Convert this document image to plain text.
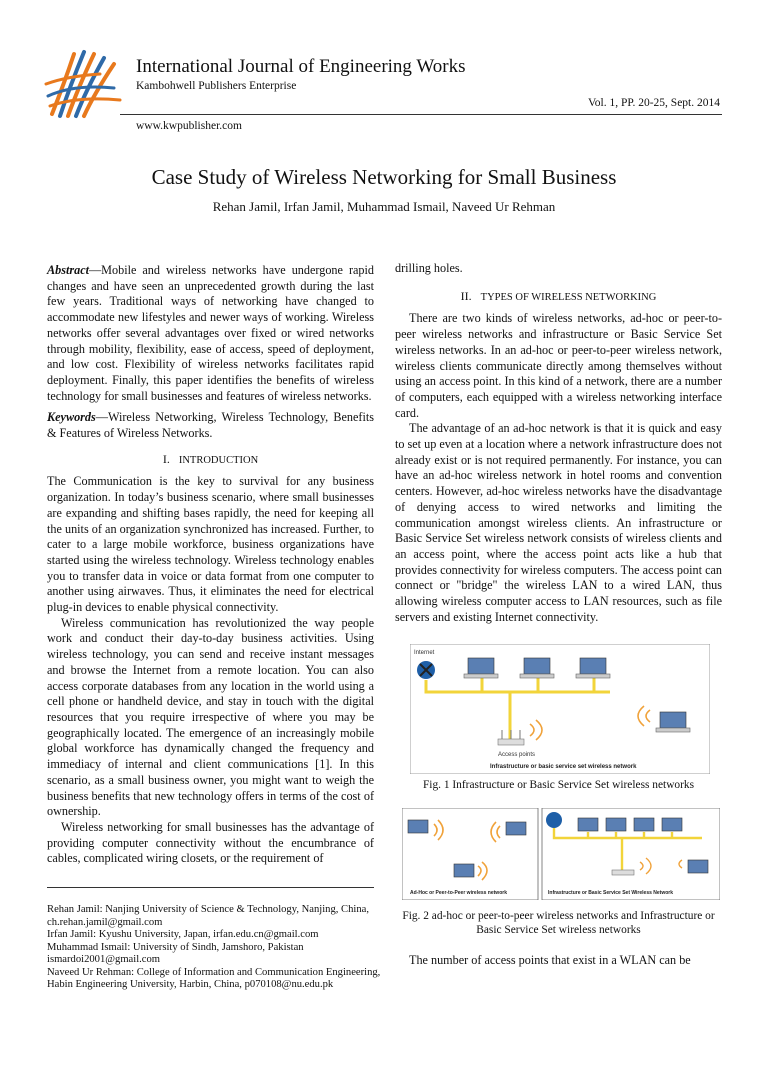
International Journal of Engineering Works
Kambohwell Publishers Enterprise
Vol. 1, PP. 20-25, Sept. 2014
www.kwpublisher.com
Case Study of Wireless Networking for Small Business
Rehan Jamil, Irfan Jamil, Muhammad Ismail, Naveed Ur Rehman

Abstract—Mobile and wireless networks have undergone rapid changes and have seen an unprecedented growth during the last few years. Traditional ways of networking have changed to accommodate new lifestyles and newer ways of working. Wireless networks offer several advantages over fixed or wired networks through mobility, flexibility, ease of access, speed of deployment, and low cost. Flexibility of wireless networks facilitates rapid deployment. Finally, this paper identifies the benefits of wireless technology for small businesses and features of wireless networks.

Keywords—Wireless Networking, Wireless Technology, Benefits & Features of Wireless Networks.

I. INTRODUCTION

The Communication is the key to survival for any business organization. In today’s business scenario, where small businesses are expanding and shifting bases rapidly, the need for keeping all the units of an organization synchronized has increased. Further, to cater to a large mobile workforce, business organizations have started using the wireless technology. Wireless technology enables you to transfer data in voice or data format from one computer to another using airwaves. Thus, it eliminates the need for electrical plug-in devices to enable physical connectivity.

Wireless communication has revolutionized the way people work and conduct their day-to-day business activities. Using wireless technology, you can send and receive instant messages and browse the Internet from a remote location. You can also access corporate databases from any location in the world using a cell phone or handheld device, and stay in touch with the digital resources that you require irrespective of where you may be geographically located. The emergence of an increasingly mobile global workforce has dynamically changed the frequency and immediacy of internal and client communications [1]. In this scenario, as a small business owner, you might want to weigh the business benefits that new technology offers in terms of the cost of ownership.

Wireless networking for small businesses has the advantage of providing computer connectivity without the encumbrance of cables, complicated wiring closets, or the requirement of

Rehan Jamil: Nanjing University of Science & Technology, Nanjing, China,
ch.rehan.jamil@gmail.com
Irfan Jamil: Kyushu University, Japan, irfan.edu.cn@gmail.com
Muhammad Ismail: University of Sindh, Jamshoro, Pakistan
ismardoi2001@gmail.com
Naveed Ur Rehman: College of Information and Communication Engineering,
Habin Engineering University, Harbin, China, p070108@nu.edu.pk

drilling holes.

II. TYPES OF WIRELESS NETWORKING

There are two kinds of wireless networks, ad-hoc or peer-to-peer wireless networks and infrastructure or Basic Service Set wireless networks. In an ad-hoc or peer-to-peer wireless network, wireless clients communicate directly among themselves without using an access point. In this kind of a network, there are a number of computers, each equipped with a wireless networking interface card.

The advantage of an ad-hoc network is that it is quick and easy to set up even at a location where a network infrastructure does not already exist or is not required permanently. For instance, you can have an ad-hoc wireless network in hotel rooms and convention centers. However, ad-hoc wireless networks have the disadvantage of denying access to wired networks and limiting the communication amongst wireless clients. An infrastructure or Basic Service Set wireless network consists of wireless clients and an access point, where the access point acts like a hub that provides connectivity for wireless computers. The access point can connect or "bridge" the wireless LAN to a wired LAN, thus allowing wireless computer access to LAN resources, such as file servers and existing Internet connectivity.

Internet
Access points
Infrastructure or basic service set wireless network
Fig. 1 Infrastructure or Basic Service Set wireless networks
Ad-Hoc or Peer-to-Peer wireless network	Infrastructure or Basic Service Set Wireless Network
Fig. 2 ad-hoc or peer-to-peer wireless networks and Infrastructure or Basic Service Set wireless networks
The number of access points that exist in a WLAN can be
